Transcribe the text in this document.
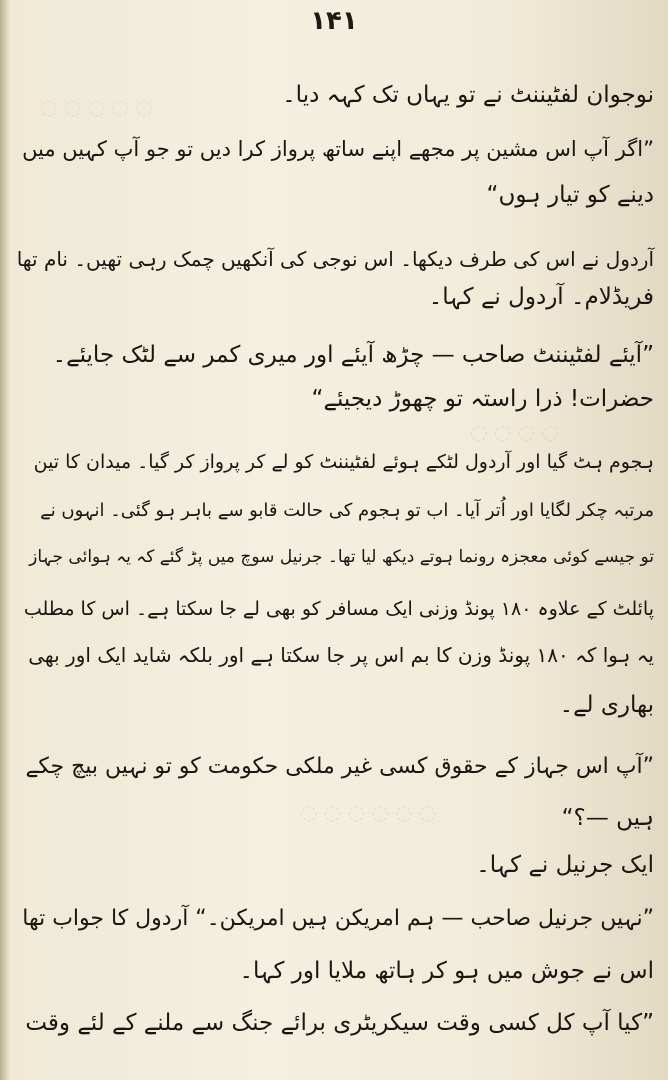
◌ ◌ ◌ ◌ ◌
◌ ◌ ◌ ◌
◌ ◌ ◌ ◌ ◌ ◌
۱۴۱
نوجوان لفٹیننٹ نے تو یہاں تک کہہ دیا۔
”اگر آپ اس مشین پر مجھے اپنے ساتھ پرواز کرا دیں تو جو آپ کہیں میں
دینے کو تیار ہوں“
آردول نے اس کی طرف دیکھا۔ اس نوجی کی آنکھیں چمک رہی تھیں۔ نام تھا
فریڈلام۔ آردول نے کہا۔
”آیئے لفٹیننٹ صاحب — چڑھ آیئے اور میری کمر سے لٹک جایئے۔
حضرات! ذرا راستہ تو چھوڑ دیجیئے“
ہجوم ہٹ گیا اور آردول لٹکے ہوئے لفٹیننٹ کو لے کر پرواز کر گیا۔ میدان کا تین
مرتبہ چکر لگایا اور اُتر آیا۔ اب تو ہجوم کی حالت قابو سے باہر ہو گئی۔ انہوں نے
تو جیسے کوئی معجزہ رونما ہوتے دیکھ لیا تھا۔ جرنیل سوچ میں پڑ گئے کہ یہ ہوائی جہاز
پائلٹ کے علاوہ ۱۸۰ پونڈ وزنی ایک مسافر کو بھی لے جا سکتا ہے۔ اس کا مطلب
یہ ہوا کہ ۱۸۰ پونڈ وزن کا بم اس پر جا سکتا ہے اور بلکہ شاید ایک اور بھی
بھاری لے۔
”آپ اس جہاز کے حقوق کسی غیر ملکی حکومت کو تو نہیں بیچ چکے
ہیں —؟“
ایک جرنیل نے کہا۔
”نہیں جرنیل صاحب — ہم امریکن ہیں امریکن۔“ آردول کا جواب تھا
اس نے جوش میں ہو کر ہاتھ ملایا اور کہا۔
”کیا آپ کل کسی وقت سیکریٹری برائے جنگ سے ملنے کے لئے وقت
